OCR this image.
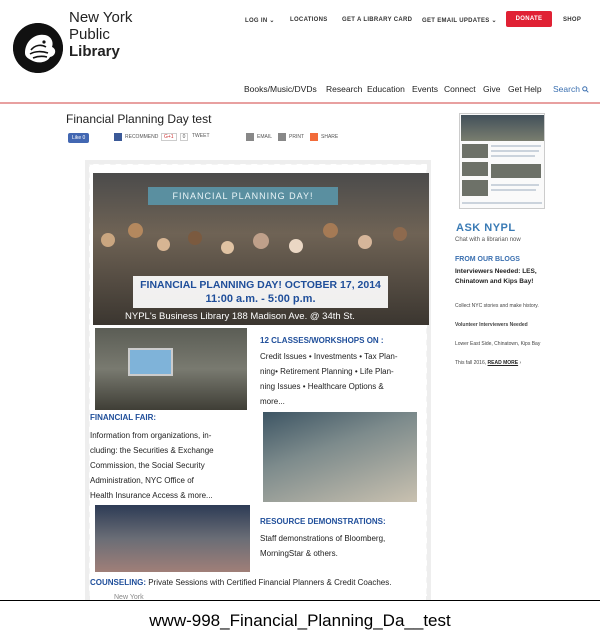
New York
Public
Library
LOG IN ⌄	LOCATIONS GET A LIBRARY CARD GET EMAIL UPDATES ⌄	SHOP
DONATE
Books/Music/DVDs Research Education Events Connect Give Get Help Search
Financial Planning Day test
Like 0	RECOMMEND	G+1	0	TWEET	EMAIL	PRINT	SHARE
FINANCIAL PLANNING DAY!
FINANCIAL PLANNING DAY! OCTOBER 17, 2014
11:00 a.m. - 5:00 p.m.
NYPL's Business Library 188 Madison Ave. @ 34th St.
12 CLASSES/WORKSHOPS ON :
Credit Issues • Investments • Tax Plan-
ning• Retirement Planning • Life Plan-
ning Issues • Healthcare Options &
more...
FINANCIAL FAIR:
Information from organizations, in-
cluding: the Securities & Exchange
Commission, the Social Security
Administration, NYC Office of
Health Insurance Access & more...
RESOURCE DEMONSTRATIONS:
Staff demonstrations of Bloomberg,
MorningStar & others.
COUNSELING: Private Sessions with Certified Financial Planners & Credit Coaches.
New York
ASK NYPL
Chat with a librarian now
FROM OUR BLOGS
Interviewers Needed: LES, Chinatown and Kips Bay!
Collect NYC stories and make history.
Volunteer Interviewers Needed
Lower East Side, Chinatown, Kips Bay
This fall 2016, READ MORE ›
www-998_Financial_Planning_Da__test
